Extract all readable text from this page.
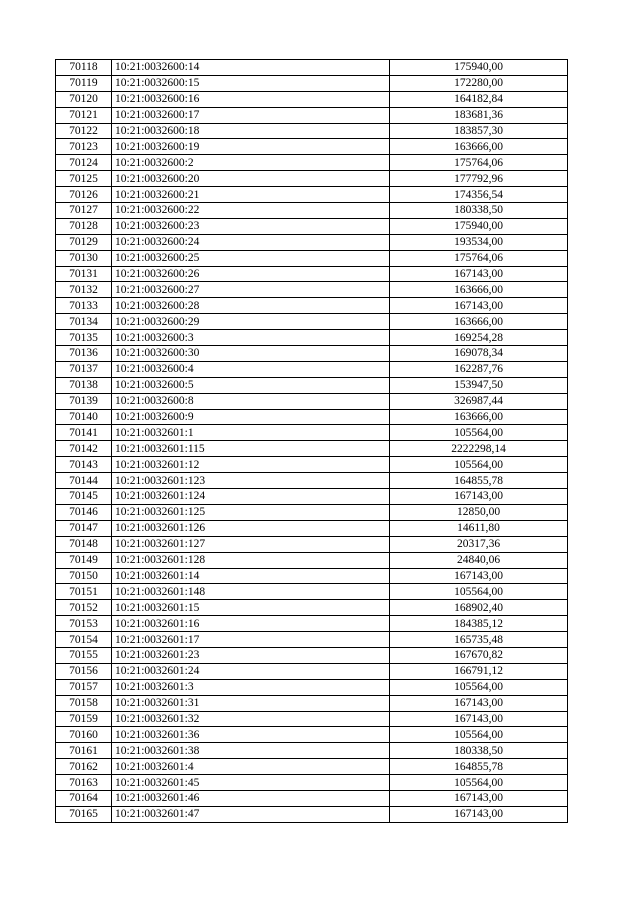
70118	10:21:0032600:14	175940,00
70119	10:21:0032600:15	172280,00
70120	10:21:0032600:16	164182,84
70121	10:21:0032600:17	183681,36
70122	10:21:0032600:18	183857,30
70123	10:21:0032600:19	163666,00
70124	10:21:0032600:2	175764,06
70125	10:21:0032600:20	177792,96
70126	10:21:0032600:21	174356,54
70127	10:21:0032600:22	180338,50
70128	10:21:0032600:23	175940,00
70129	10:21:0032600:24	193534,00
70130	10:21:0032600:25	175764,06
70131	10:21:0032600:26	167143,00
70132	10:21:0032600:27	163666,00
70133	10:21:0032600:28	167143,00
70134	10:21:0032600:29	163666,00
70135	10:21:0032600:3	169254,28
70136	10:21:0032600:30	169078,34
70137	10:21:0032600:4	162287,76
70138	10:21:0032600:5	153947,50
70139	10:21:0032600:8	326987,44
70140	10:21:0032600:9	163666,00
70141	10:21:0032601:1	105564,00
70142	10:21:0032601:115	2222298,14
70143	10:21:0032601:12	105564,00
70144	10:21:0032601:123	164855,78
70145	10:21:0032601:124	167143,00
70146	10:21:0032601:125	12850,00
70147	10:21:0032601:126	14611,80
70148	10:21:0032601:127	20317,36
70149	10:21:0032601:128	24840,06
70150	10:21:0032601:14	167143,00
70151	10:21:0032601:148	105564,00
70152	10:21:0032601:15	168902,40
70153	10:21:0032601:16	184385,12
70154	10:21:0032601:17	165735,48
70155	10:21:0032601:23	167670,82
70156	10:21:0032601:24	166791,12
70157	10:21:0032601:3	105564,00
70158	10:21:0032601:31	167143,00
70159	10:21:0032601:32	167143,00
70160	10:21:0032601:36	105564,00
70161	10:21:0032601:38	180338,50
70162	10:21:0032601:4	164855,78
70163	10:21:0032601:45	105564,00
70164	10:21:0032601:46	167143,00
70165	10:21:0032601:47	167143,00
